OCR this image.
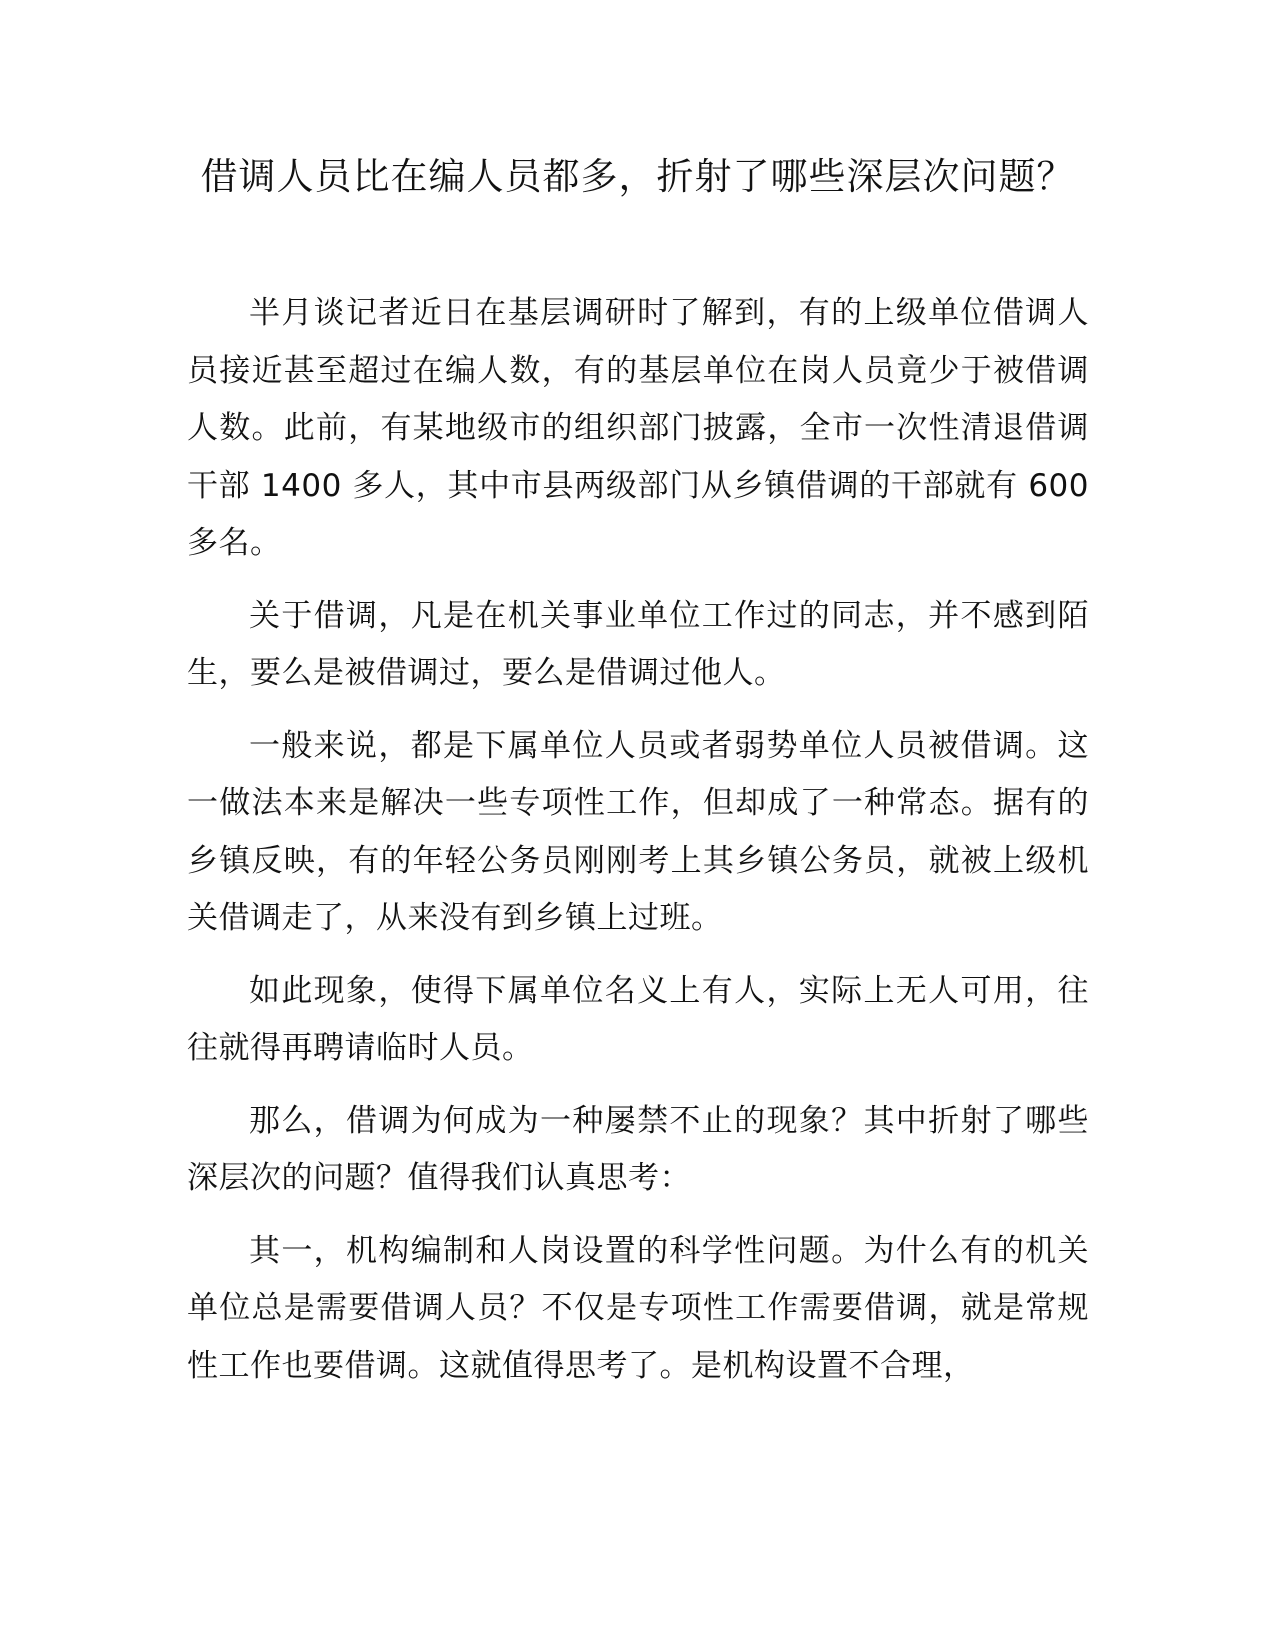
借调人员比在编人员都多，折射了哪些深层次问题？

半月谈记者近日在基层调研时了解到，有的上级单位借调人员接近甚至超过在编人数，有的基层单位在岗人员竟少于被借调人数。此前，有某地级市的组织部门披露，全市一次性清退借调干部 1400 多人，其中市县两级部门从乡镇借调的干部就有 600 多名。

关于借调，凡是在机关事业单位工作过的同志，并不感到陌生，要么是被借调过，要么是借调过他人。

一般来说，都是下属单位人员或者弱势单位人员被借调。这一做法本来是解决一些专项性工作，但却成了一种常态。据有的乡镇反映，有的年轻公务员刚刚考上其乡镇公务员，就被上级机关借调走了，从来没有到乡镇上过班。

如此现象，使得下属单位名义上有人，实际上无人可用，往往就得再聘请临时人员。

那么，借调为何成为一种屡禁不止的现象？其中折射了哪些深层次的问题？值得我们认真思考：

其一，机构编制和人岗设置的科学性问题。为什么有的机关单位总是需要借调人员？不仅是专项性工作需要借调，就是常规性工作也要借调。这就值得思考了。是机构设置不合理，
